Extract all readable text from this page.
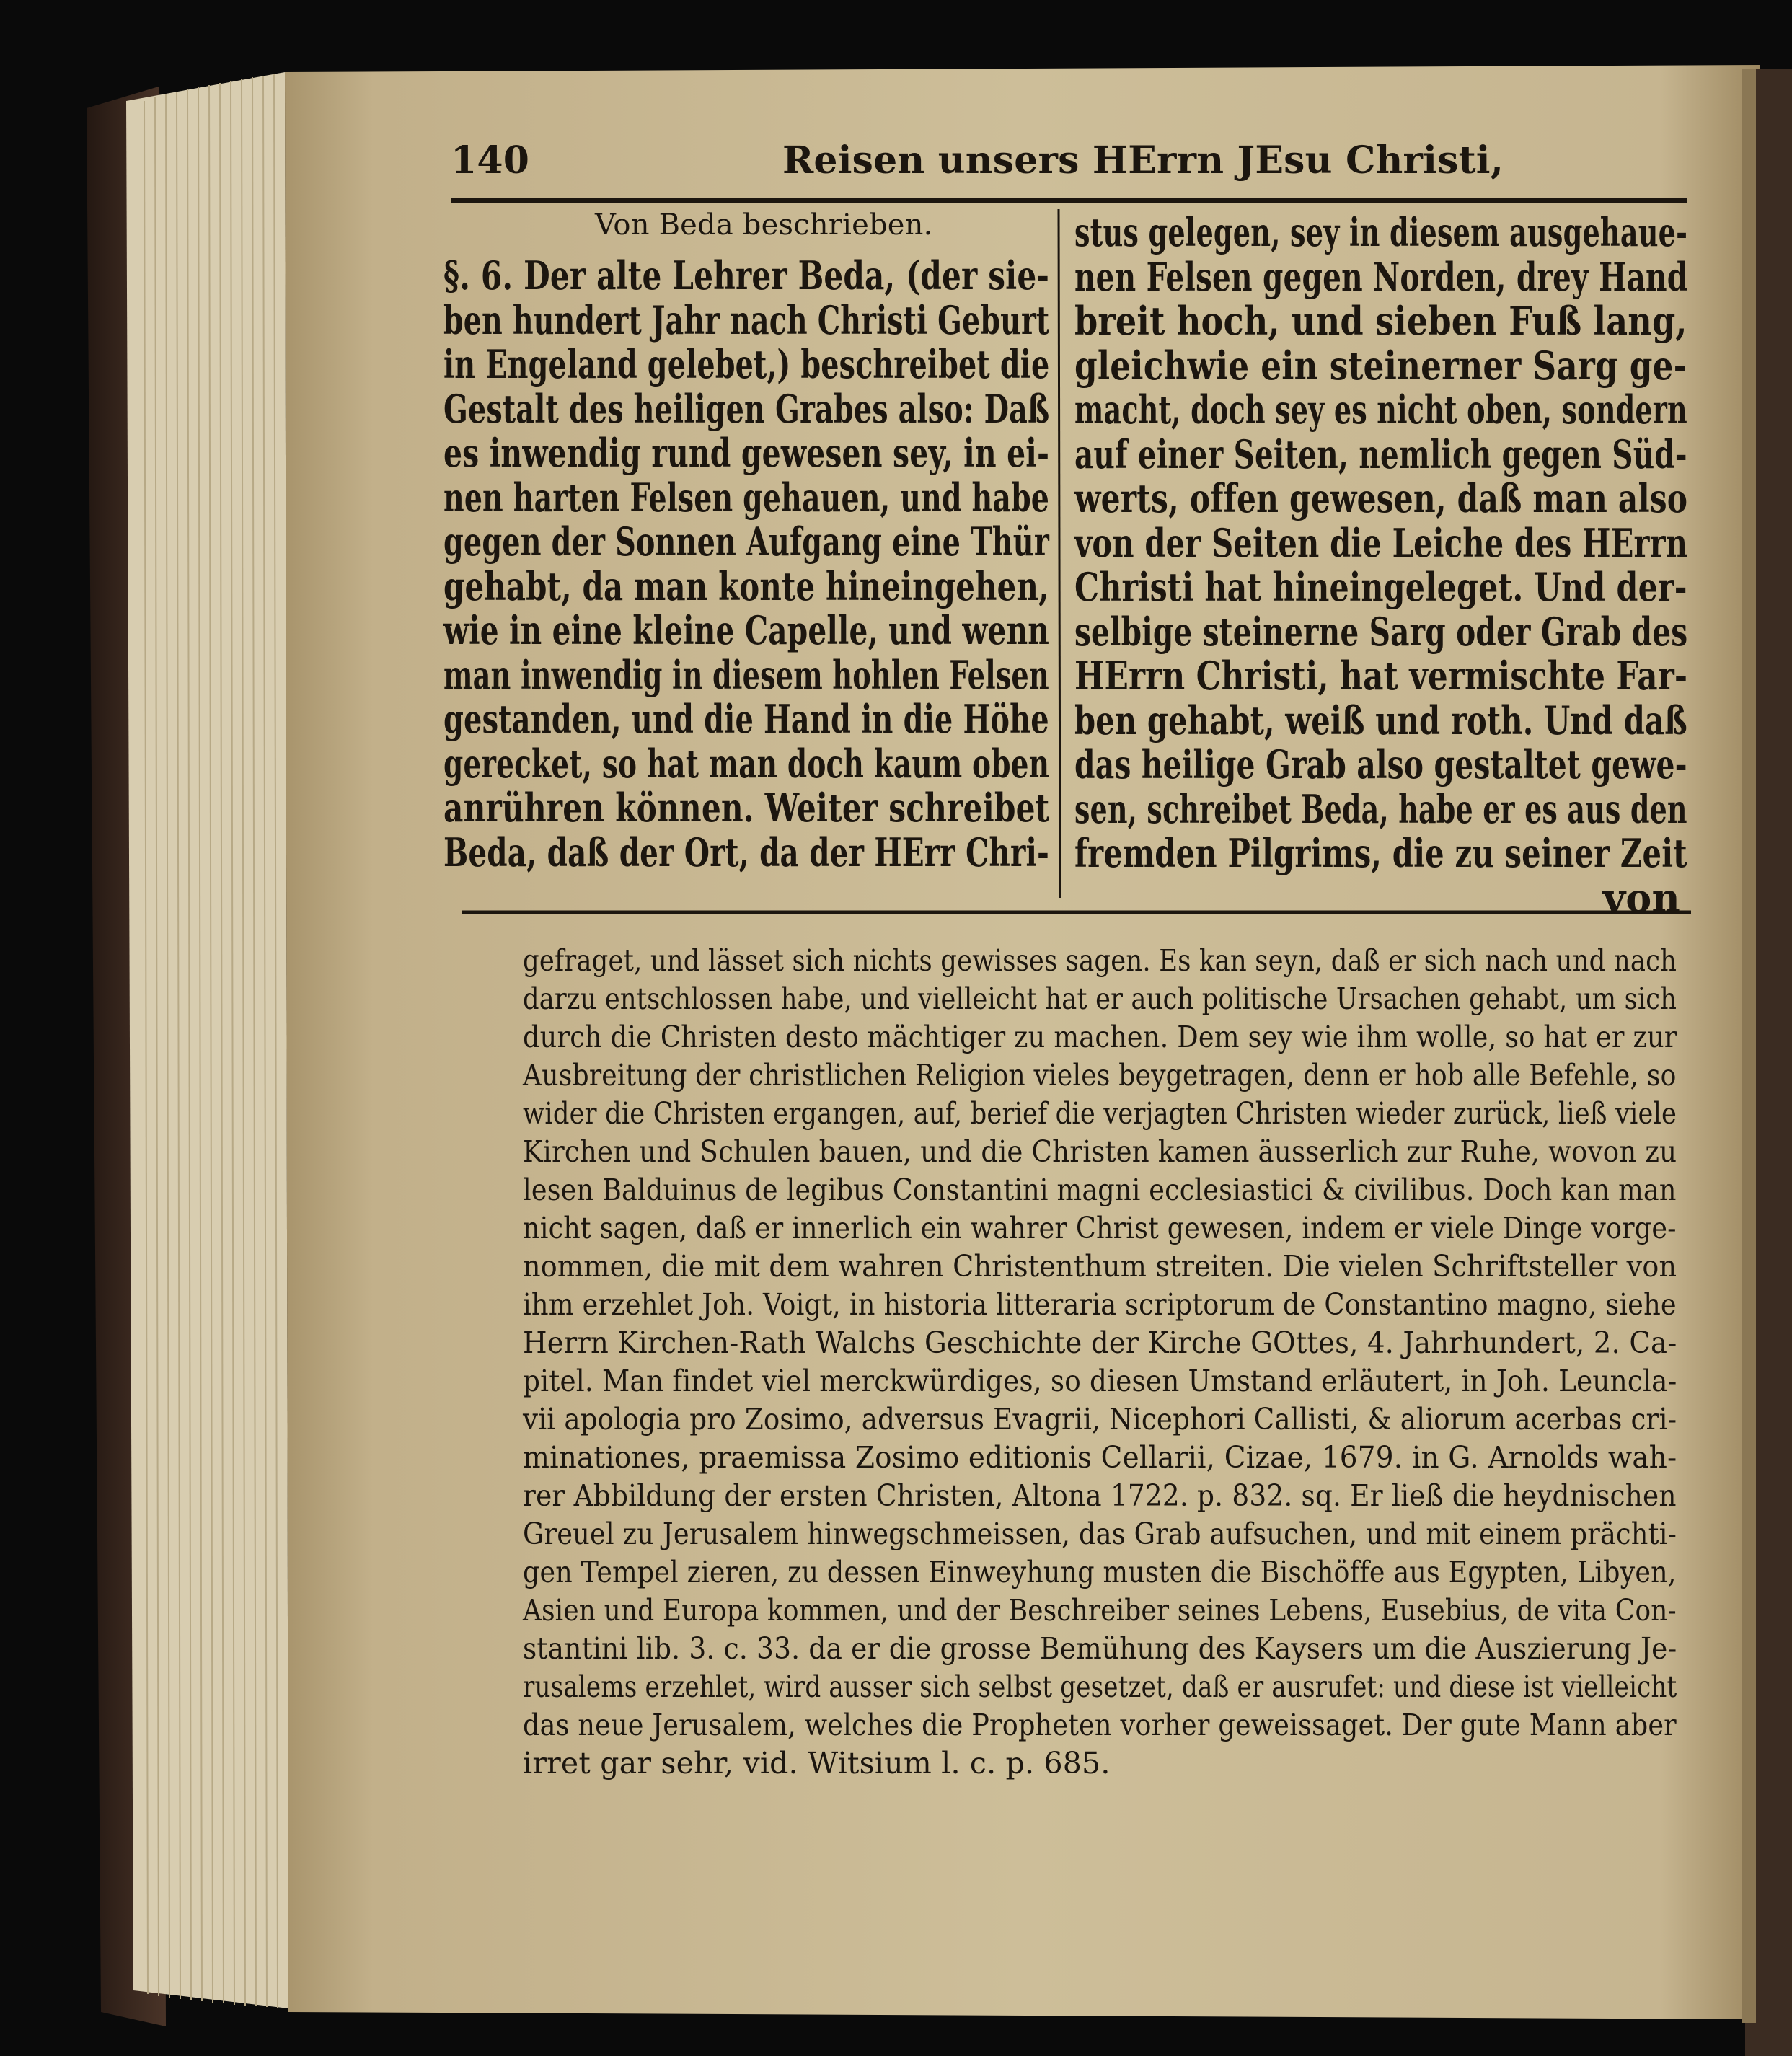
140	Reisen unsers HErrn JEsu Christi,
Von Beda beschrieben.
§. 6. Der alte Lehrer Beda, (der sie-
ben hundert Jahr nach Christi Geburt
in Engeland gelebet,) beschreibet die
Gestalt des heiligen Grabes also: Daß
es inwendig rund gewesen sey, in ei-
nen harten Felsen gehauen, und habe
gegen der Sonnen Aufgang eine Thür
gehabt, da man konte hineingehen,
wie in eine kleine Capelle, und wenn
man inwendig in diesem hohlen Felsen
gestanden, und die Hand in die Höhe
gerecket, so hat man doch kaum oben
anrühren können. Weiter schreibet
Beda, daß der Ort, da der HErr Chri-
stus gelegen, sey in diesem ausgehaue-
nen Felsen gegen Norden, drey Hand
breit hoch, und sieben Fuß lang,
gleichwie ein steinerner Sarg ge-
macht, doch sey es nicht oben, sondern
auf einer Seiten, nemlich gegen Süd-
werts, offen gewesen, daß man also
von der Seiten die Leiche des HErrn
Christi hat hineingeleget. Und der-
selbige steinerne Sarg oder Grab des
HErrn Christi, hat vermischte Far-
ben gehabt, weiß und roth. Und daß
das heilige Grab also gestaltet gewe-
sen, schreibet Beda, habe er es aus den
fremden Pilgrims, die zu seiner Zeit
von
gefraget, und lässet sich nichts gewisses sagen. Es kan seyn, daß er sich nach und nach
darzu entschlossen habe, und vielleicht hat er auch politische Ursachen gehabt, um sich
durch die Christen desto mächtiger zu machen. Dem sey wie ihm wolle, so hat er zur
Ausbreitung der christlichen Religion vieles beygetragen, denn er hob alle Befehle, so
wider die Christen ergangen, auf, berief die verjagten Christen wieder zurück, ließ viele
Kirchen und Schulen bauen, und die Christen kamen äusserlich zur Ruhe, wovon zu
lesen Balduinus de legibus Constantini magni ecclesiastici & civilibus. Doch kan man
nicht sagen, daß er innerlich ein wahrer Christ gewesen, indem er viele Dinge vorge-
nommen, die mit dem wahren Christenthum streiten. Die vielen Schriftsteller von
ihm erzehlet Joh. Voigt, in historia litteraria scriptorum de Constantino magno, siehe
Herrn Kirchen-Rath Walchs Geschichte der Kirche GOttes, 4. Jahrhundert, 2. Ca-
pitel. Man findet viel merckwürdiges, so diesen Umstand erläutert, in Joh. Leuncla-
vii apologia pro Zosimo, adversus Evagrii, Nicephori Callisti, & aliorum acerbas cri-
minationes, praemissa Zosimo editionis Cellarii, Cizae, 1679. in G. Arnolds wah-
rer Abbildung der ersten Christen, Altona 1722. p. 832. sq. Er ließ die heydnischen
Greuel zu Jerusalem hinwegschmeissen, das Grab aufsuchen, und mit einem prächti-
gen Tempel zieren, zu dessen Einweyhung musten die Bischöffe aus Egypten, Libyen,
Asien und Europa kommen, und der Beschreiber seines Lebens, Eusebius, de vita Con-
stantini lib. 3. c. 33. da er die grosse Bemühung des Kaysers um die Auszierung Je-
rusalems erzehlet, wird ausser sich selbst gesetzet, daß er ausrufet: und diese ist vielleicht
das neue Jerusalem, welches die Propheten vorher geweissaget. Der gute Mann aber
irret gar sehr, vid. Witsium l. c. p. 685.
